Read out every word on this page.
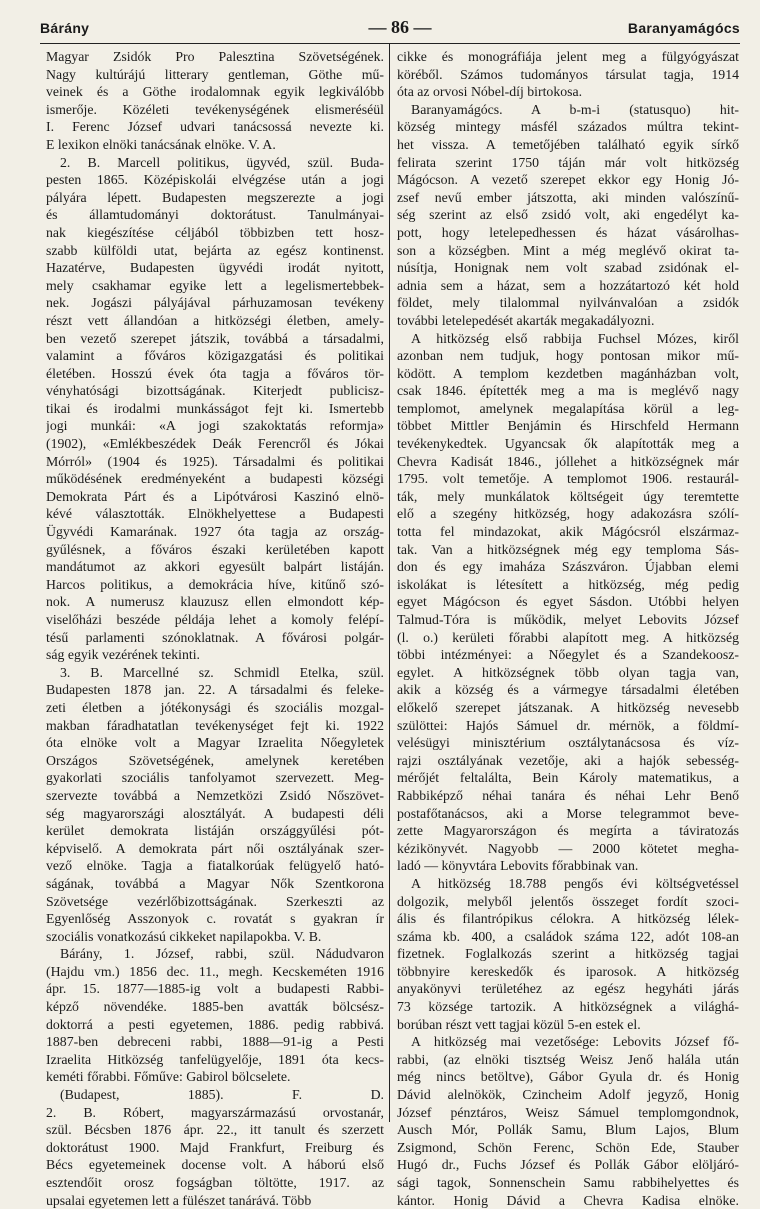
Bárány	— 86 —	Baranyamágócs
Magyar Zsidók Pro Palesztina Szövetségének.
Nagy kultúrájú litterary gentleman, Göthe mű-
veinek és a Göthe irodalomnak egyik legkiválóbb
ismerője. Közéleti tevékenységének elismeréséül
I. Ferenc József udvari tanácsossá nevezte ki.
E lexikon elnöki tanácsának elnöke. V. A.
2. B. Marcell politikus, ügyvéd, szül. Buda-
pesten 1865. Középiskolái elvégzése után a jogi
pályára lépett. Budapesten megszerezte a jogi
és államtudományi doktorátust. Tanulmányai-
nak kiegészítése céljából többizben tett hosz-
szabb külföldi utat, bejárta az egész kontinenst.
Hazatérve, Budapesten ügyvédi irodát nyitott,
mely csakhamar egyike lett a legelismertebbek-
nek. Jogászi pályájával párhuzamosan tevékeny
részt vett állandóan a hitközségi életben, amely-
ben vezető szerepet játszik, továbbá a társadalmi,
valamint a főváros közigazgatási és politikai
életében. Hosszú évek óta tagja a főváros tör-
vényhatósági bizottságának. Kiterjedt publicisz-
tikai és irodalmi munkásságot fejt ki. Ismertebb
jogi munkái: «A jogi szakoktatás reformja»
(1902), «Emlékbeszédek Deák Ferencről és Jókai
Mórról» (1904 és 1925). Társadalmi és politikai
működésének eredményeként a budapesti községi
Demokrata Párt és a Lipótvárosi Kaszinó elnö-
kévé választották. Elnökhelyettese a Budapesti
Ügyvédi Kamarának. 1927 óta tagja az ország-
gyűlésnek, a főváros északi kerületében kapott
mandátumot az akkori egyesült balpárt listáján.
Harcos politikus, a demokrácia híve, kitűnő szó-
nok. A numerusz klauzusz ellen elmondott kép-
viselőházi beszéde példája lehet a komoly felépí-
tésű parlamenti szónoklatnak. A fővárosi polgár-
ság egyik vezérének tekinti.
3. B. Marcellné sz. Schmidl Etelka, szül.
Budapesten 1878 jan. 22. A társadalmi és feleke-
zeti életben a jótékonysági és szociális mozgal-
makban fáradhatatlan tevékenységet fejt ki. 1922
óta elnöke volt a Magyar Izraelita Nőegyletek
Országos Szövetségének, amelynek keretében
gyakorlati szociális tanfolyamot szervezett. Meg-
szervezte továbbá a Nemzetközi Zsidó Nőszövet-
ség magyarországi alosztályát. A budapesti déli
kerület demokrata listáján országgyűlési pót-
képviselő. A demokrata párt női osztályának szer-
vező elnöke. Tagja a fiatalkorúak felügyelő ható-
ságának, továbbá a Magyar Nők Szentkorona
Szövetsége vezérlőbizottságának. Szerkeszti az
Egyenlőség Asszonyok c. rovatát s gyakran ír
szociális vonatkozású cikkeket napilapokba. V. B.
Bárány, 1. József, rabbi, szül. Nádudvaron
(Hajdu vm.) 1856 dec. 11., megh. Kecskeméten 1916
ápr. 15. 1877—1885-ig volt a budapesti Rabbi-
képző növendéke. 1885-ben avatták bölcsész-
doktorrá a pesti egyetemen, 1886. pedig rabbivá.
1887-ben debreceni rabbi, 1888—91-ig a Pesti
Izraelita Hitközség tanfelügyelője, 1891 óta kecs-
keméti főrabbi. Főműve: Gabirol bölcselete.
(Budapest, 1885). F. D.
2. B. Róbert, magyarszármazású orvostanár,
szül. Bécsben 1876 ápr. 22., itt tanult és szerzett
doktorátust 1900. Majd Frankfurt, Freiburg és
Bécs egyetemeinek docense volt. A háború első
esztendőit orosz fogságban töltötte, 1917. az
upsalai egyetemen lett a fülészet tanárává. Több
cikke és monográfiája jelent meg a fülgyógyászat
köréből. Számos tudományos társulat tagja, 1914
óta az orvosi Nóbel-díj birtokosa.
Baranyamágócs. A b-m-i (statusquo) hit-
község mintegy másfél százados múltra tekint-
het vissza. A temetőjében található egyik sírkő
felirata szerint 1750 táján már volt hitközség
Mágócson. A vezető szerepet ekkor egy Honig Jó-
zsef nevű ember játszotta, aki minden valószínű-
ség szerint az első zsidó volt, aki engedélyt ka-
pott, hogy letelepedhessen és házat vásárolhas-
son a községben. Mint a még meglévő okirat ta-
núsítja, Honignak nem volt szabad zsidónak el-
adnia sem a házat, sem a hozzátartozó két hold
földet, mely tilalommal nyilvánvalóan a zsidók
további letelepedését akarták megakadályozni.
A hitközség első rabbija Fuchsel Mózes, kiről
azonban nem tudjuk, hogy pontosan mikor mű-
ködött. A templom kezdetben magánházban volt,
csak 1846. építették meg a ma is meglévő nagy
templomot, amelynek megalapítása körül a leg-
többet Mittler Benjámin és Hirschfeld Hermann
tevékenykedtek. Ugyancsak ők alapították meg a
Chevra Kadisát 1846., jóllehet a hitközségnek már
1795. volt temetője. A templomot 1906. restaurál-
ták, mely munkálatok költségeit úgy teremtette
elő a szegény hitközség, hogy adakozásra szólí-
totta fel mindazokat, akik Mágócsról elszármaz-
tak. Van a hitközségnek még egy temploma Sás-
don és egy imaháza Szászváron. Újabban elemi
iskolákat is létesített a hitközség, még pedig
egyet Mágócson és egyet Sásdon. Utóbbi helyen
Talmud-Tóra is működik, melyet Lebovits József
(l. o.) kerületi főrabbi alapított meg. A hitközség
többi intézményei: a Nőegylet és a Szandekoosz-
egylet. A hitközségnek több olyan tagja van,
akik a község és a vármegye társadalmi életében
előkelő szerepet játszanak. A hitközség nevesebb
szülöttei: Hajós Sámuel dr. mérnök, a földmí-
velésügyi minisztérium osztálytanácsosa és víz-
rajzi osztályának vezetője, aki a hajók sebesség-
mérőjét feltalálta, Bein Károly matematikus, a
Rabbiképző néhai tanára és néhai Lehr Benő
postafőtanácsos, aki a Morse telegrammot beve-
zette Magyarországon és megírta a táviratozás
kézikönyvét. Nagyobb — 2000 kötetet megha-
ladó — könyvtára Lebovits főrabbinak van.
A hitközség 18.788 pengős évi költségvetéssel
dolgozik, melyből jelentős összeget fordít szoci-
ális és filantrópikus célokra. A hitközség lélek-
száma kb. 400, a családok száma 122, adót 108-an
fizetnek. Foglalkozás szerint a hitközség tagjai
többnyire kereskedők és iparosok. A hitközség
anyakönyvi területéhez az egész hegyháti járás
73 községe tartozik. A hitközségnek a világhá-
borúban részt vett tagjai közül 5-en estek el.
A hitközség mai vezetősége: Lebovits József fő-
rabbi, (az elnöki tisztség Weisz Jenő halála után
még nincs betöltve), Gábor Gyula dr. és Honig
Dávid alelnökök, Czincheim Adolf jegyző, Honig
József pénztáros, Weisz Sámuel templomgondnok,
Ausch Mór, Pollák Samu, Blum Lajos, Blum
Zsigmond, Schön Ferenc, Schön Ede, Stauber
Hugó dr., Fuchs József és Pollák Gábor elöljáró-
sági tagok, Sonnenschein Samu rabbihelyettes és
kántor. Honig Dávid a Chevra Kadisa elnöke.
